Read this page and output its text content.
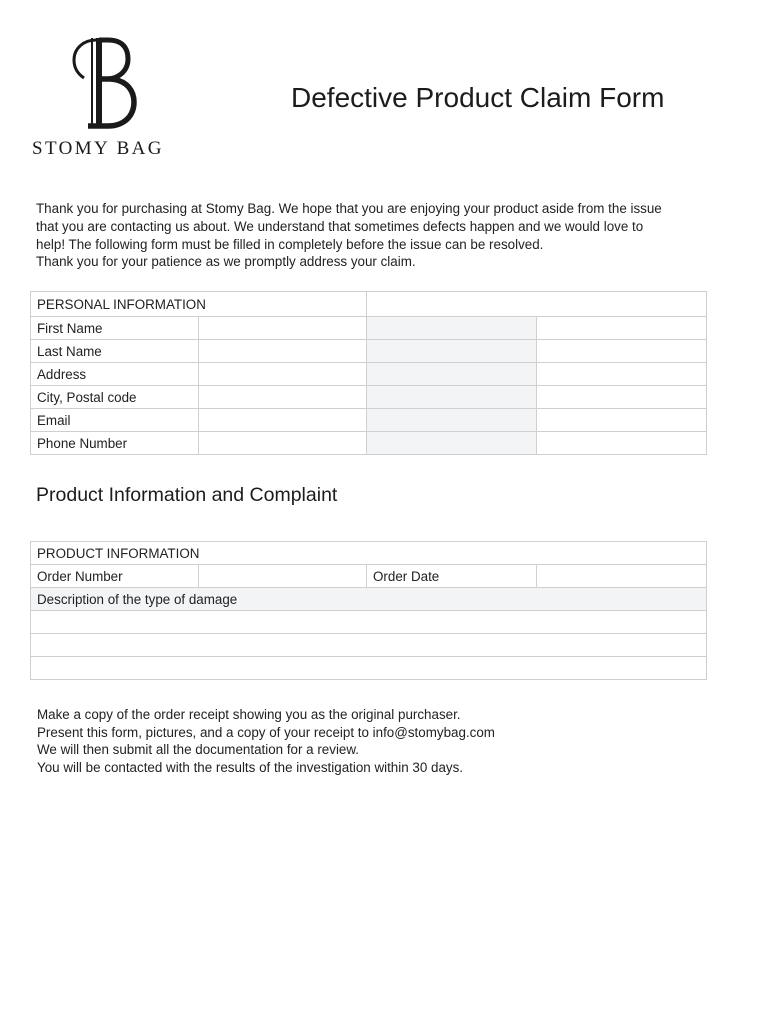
STOMY BAG
Defective Product Claim Form

Thank you for purchasing at Stomy Bag. We hope that you are enjoying your product aside from the issue

that you are contacting us about. We understand that sometimes defects happen and we would love to

help! The following form must be filled in completely before the issue can be resolved.

Thank you for your patience as we promptly address your claim.

PERSONAL INFORMATION			
First Name			
Last Name			
Address			
City, Postal code			
Email			
Phone Number			
Product Information and Complaint
PRODUCT INFORMATION
Order Number		Order Date	
Description of the type of damage

Make a copy of the order receipt showing you as the original purchaser.

Present this form, pictures, and a copy of your receipt to info@stomybag.com

We will then submit all the documentation for a review.

You will be contacted with the results of the investigation within 30 days.
